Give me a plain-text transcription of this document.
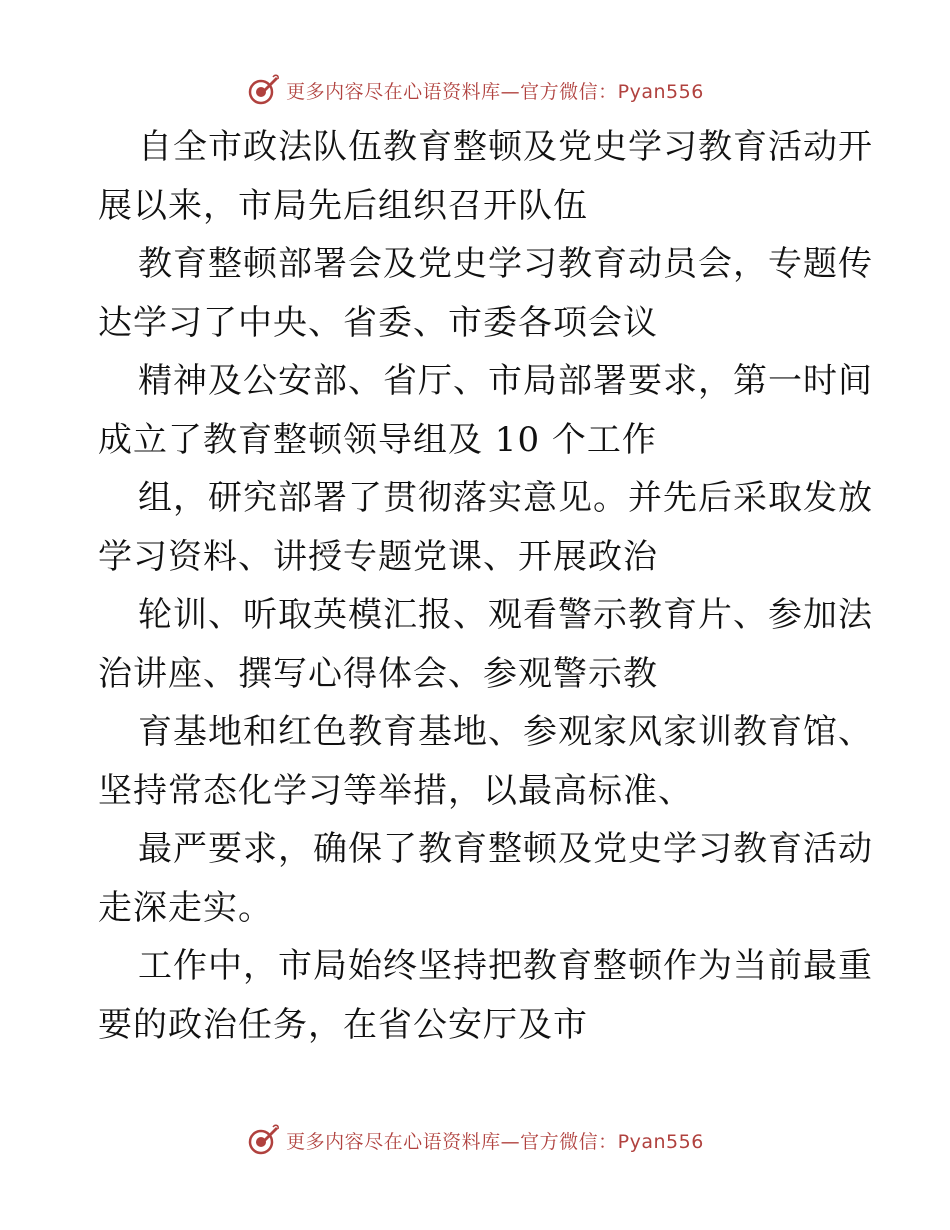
更多内容尽在心语资料库—官方微信：Pyan556
自全市政法队伍教育整顿及党史学习教育活动开
展以来，市局先后组织召开队伍
教育整顿部署会及党史学习教育动员会，专题传
达学习了中央、省委、市委各项会议
精神及公安部、省厅、市局部署要求，第一时间
成立了教育整顿领导组及 10 个工作
组，研究部署了贯彻落实意见。并先后采取发放
学习资料、讲授专题党课、开展政治
轮训、听取英模汇报、观看警示教育片、参加法
治讲座、撰写心得体会、参观警示教
育基地和红色教育基地、参观家风家训教育馆、
坚持常态化学习等举措，以最高标准、
最严要求，确保了教育整顿及党史学习教育活动
走深走实。
工作中，市局始终坚持把教育整顿作为当前最重
要的政治任务，在省公安厅及市
更多内容尽在心语资料库—官方微信：Pyan556
